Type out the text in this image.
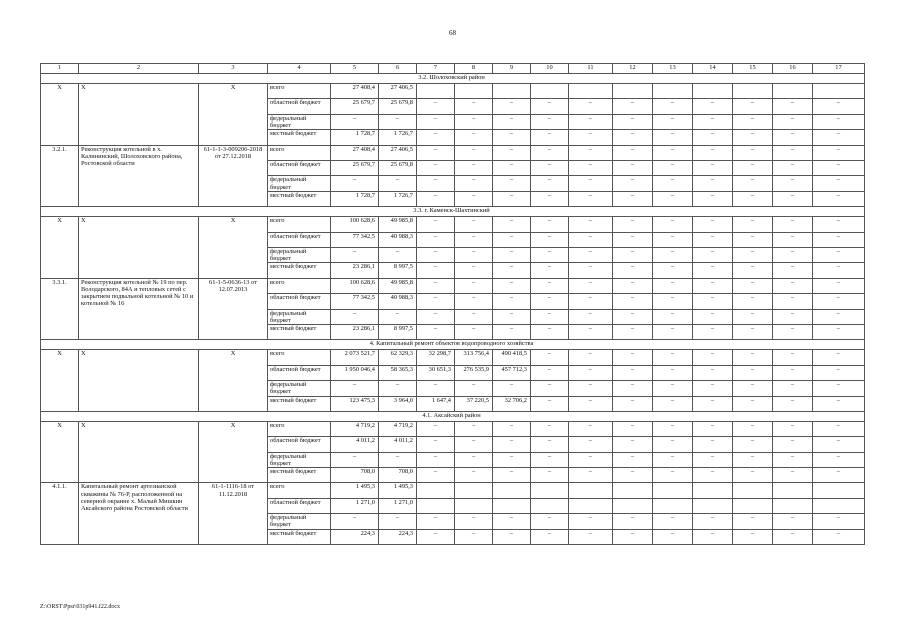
68
1	2	3	4	5	6	7	8	9	10	11	12	13	14	15	16	17
3.2. Шолоховский район																
X	X	X	всего	27 408,4	27 406,5											
			областной бюджет	25 679,7	25 679,8	–	–	–	–	–	–	–	–	–	–	–
			федеральный бюджет	–	–	–	–	–	–	–	–	–	–	–	–	–
			местный бюджет	1 728,7	1 726,7	–	–	–	–	–	–	–	–	–	–	–
3.2.1.	Реконструкция котельной в х. Калининский, Шолоховского района, Ростовской области	61-1-1-3-009206-2018 от 27.12.2018	всего	27 408,4	27 406,5	–	–	–	–	–	–	–	–	–	–	–
			областной бюджет	25 679,7	25 679,8	–	–	–	–	–	–	–	–	–	–	–
			федеральный бюджет	–	–	–	–	–	–	–	–	–	–	–	–	–
			местный бюджет	1 728,7	1 726,7	–	–	–	–	–	–	–	–	–	–	–
3.3. г. Каменск-Шахтинский																
X	X	X	всего	100 628,6	49 985,8	–	–	–	–	–	–	–	–	–	–	–
			областной бюджет	77 342,5	40 988,3	–	–	–	–	–	–	–	–	–	–	–
			федеральный бюджет	–	–	–	–	–	–	–	–	–	–	–	–	–
			местный бюджет	23 286,1	8 997,5	–	–	–	–	–	–	–	–	–	–	–
3.3.1.	Реконструкция котельной № 19 по пер. Володарского, 84А и тепловых сетей с закрытием подвальной котельной № 10 и котельной № 16	61-1-5-0636-13 от 12.07.2013	всего	100 628,6	49 985,8	–	–	–	–	–	–	–	–	–	–	–
			областной бюджет	77 342,5	40 988,3	–	–	–	–	–	–	–	–	–	–	–
			федеральный бюджет	–	–	–	–	–	–	–	–	–	–	–	–	–
			местный бюджет	23 286,1	8 997,5	–	–	–	–	–	–	–	–	–	–	–
4. Капитальный ремонт объектов водопроводного хозяйства																
X	X	X	всего	2 073 521,7	62 329,3	32 298,7	313 756,4	490 418,5	–	–	–	–	–	–	–	–
			областной бюджет	1 950 046,4	58 365,3	30 651,3	276 535,9	457 712,3	–	–	–	–	–	–	–	–
			федеральный бюджет	–	–	–	–	–	–	–	–	–	–	–	–	–
			местный бюджет	123 475,3	3 964,0	1 647,4	37 220,5	32 706,2	–	–	–	–	–	–	–	–
4.1. Аксайский район																
X	X	X	всего	4 719,2	4 719,2	–	–	–	–	–	–	–	–	–	–	–
			областной бюджет	4 011,2	4 011,2	–	–	–	–	–	–	–	–	–	–	–
			федеральный бюджет	–	–	–	–	–	–	–	–	–	–	–	–	–
			местный бюджет	708,0	708,0	–	–	–	–	–	–	–	–	–	–	–
4.1.1.	Капитальный ремонт артезианской скважины № 76-Р, расположенной на северной окраине х. Малый Мишкин Аксайского района Ростовской области	61-1-1116-18 от 11.12.2018	всего	1 495,3	1 495,3											
			областной бюджет	1 271,0	1 271,0											
			федеральный бюджет	–	–	–	–	–	–	–	–	–	–	–	–	–
			местный бюджет	224,3	224,3	–	–	–	–	–	–	–	–	–	–	–
Z:\ORST\Ppsr\031p941.f22.docx
